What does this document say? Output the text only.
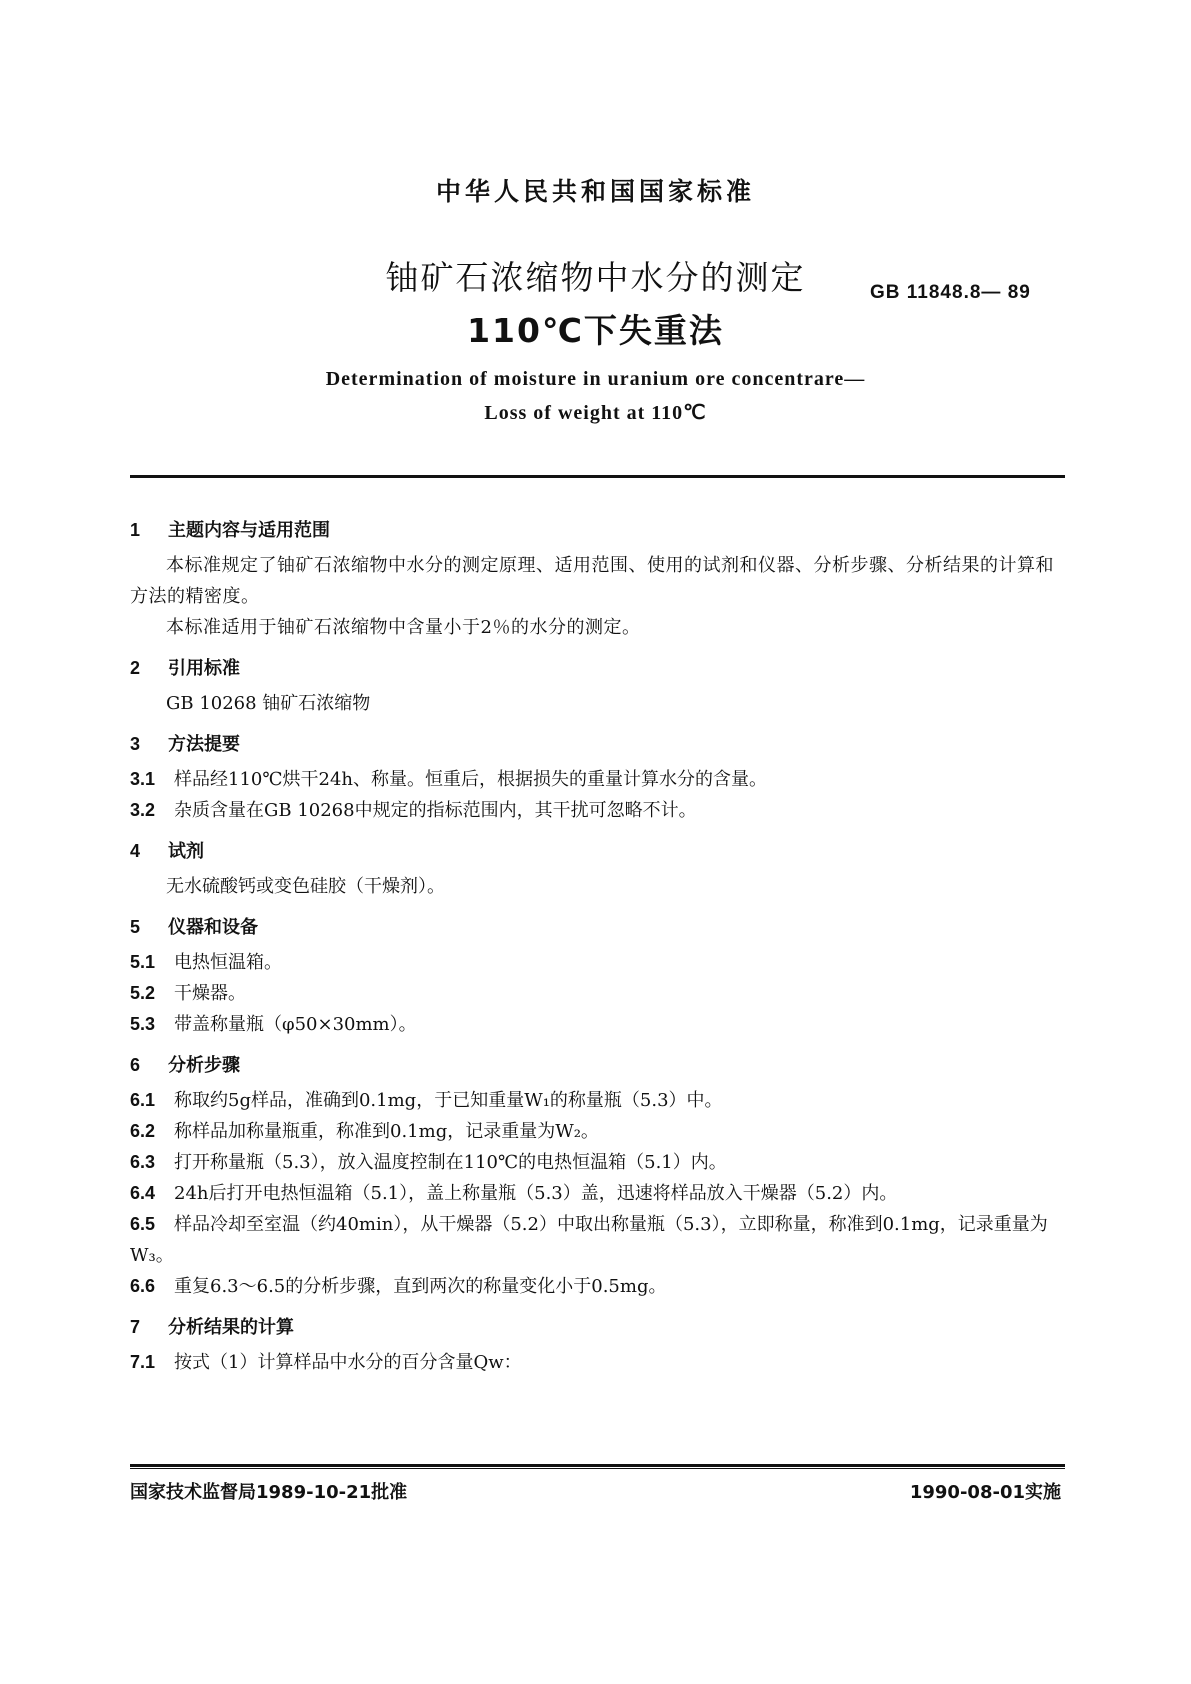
中华人民共和国国家标准
铀矿石浓缩物中水分的测定
110℃下失重法
GB 11848.8— 89
Determination of moisture in uranium ore concentrare—
Loss of weight at 110℃
1 主题内容与适用范围
本标准规定了铀矿石浓缩物中水分的测定原理、适用范围、使用的试剂和仪器、分析步骤、分析结果的计算和方法的精密度。
本标准适用于铀矿石浓缩物中含量小于2％的水分的测定。
2 引用标准
GB 10268 铀矿石浓缩物
3 方法提要
3.1 样品经110℃烘干24h、称量。恒重后，根据损失的重量计算水分的含量。
3.2 杂质含量在GB 10268中规定的指标范围内，其干扰可忽略不计。
4 试剂
无水硫酸钙或变色硅胶（干燥剂）。
5 仪器和设备
5.1 电热恒温箱。
5.2 干燥器。
5.3 带盖称量瓶（φ50×30mm）。
6 分析步骤
6.1 称取约5g样品，准确到0.1mg，于已知重量W₁的称量瓶（5.3）中。
6.2 称样品加称量瓶重，称准到0.1mg，记录重量为W₂。
6.3 打开称量瓶（5.3），放入温度控制在110℃的电热恒温箱（5.1）内。
6.4 24h后打开电热恒温箱（5.1），盖上称量瓶（5.3）盖，迅速将样品放入干燥器（5.2）内。
6.5 样品冷却至室温（约40min），从干燥器（5.2）中取出称量瓶（5.3），立即称量，称准到0.1mg，记录重量为W₃。
6.6 重复6.3～6.5的分析步骤，直到两次的称量变化小于0.5mg。
7 分析结果的计算
7.1 按式（1）计算样品中水分的百分含量Qw：
国家技术监督局1989-10-21批准	1990-08-01实施
